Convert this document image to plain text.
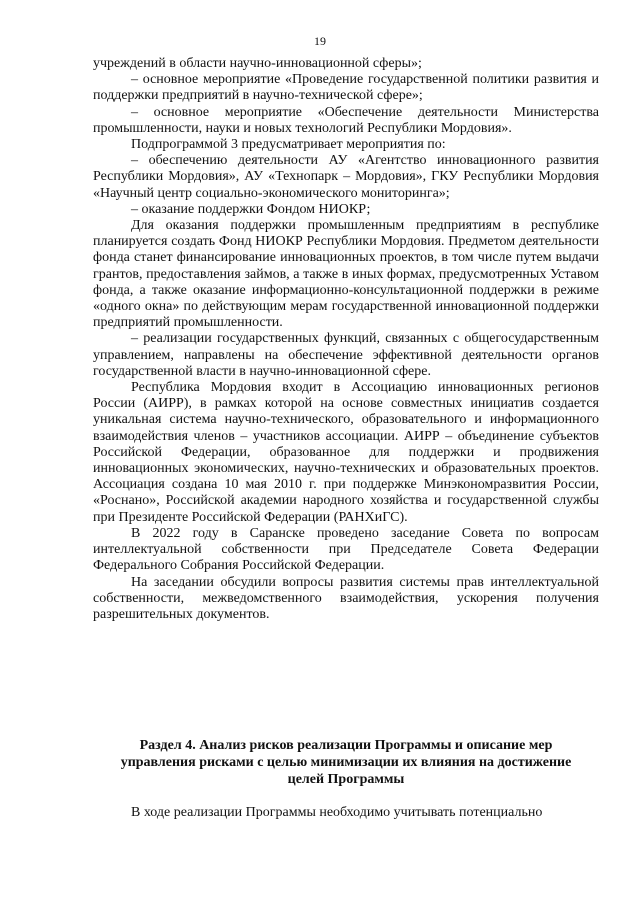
19

учреждений в области научно-инновационной сферы»;

– основное мероприятие «Проведение государственной политики развития и поддержки предприятий в научно-технической сфере»;

– основное мероприятие «Обеспечение деятельности Министерства промышленности, науки и новых технологий Республики Мордовия».

Подпрограммой 3 предусматривает мероприятия по:

– обеспечению деятельности АУ «Агентство инновационного развития Республики Мордовия», АУ «Технопарк – Мордовия», ГКУ Республики Мордовия «Научный центр социально-экономического мониторинга»;

– оказание поддержки Фондом НИОКР;

Для оказания поддержки промышленным предприятиям в республике планируется создать Фонд НИОКР Республики Мордовия. Предметом деятельности фонда станет финансирование инновационных проектов, в том числе путем выдачи грантов, предоставления займов, а также в иных формах, предусмотренных Уставом фонда, а также оказание информационно-консультационной поддержки в режиме «одного окна» по действующим мерам государственной инновационной поддержки предприятий промышленности.

– реализации государственных функций, связанных с общегосударственным управлением, направлены на обеспечение эффективной деятельности органов государственной власти в научно-инновационной сфере.

Республика Мордовия входит в Ассоциацию инновационных регионов России (АИРР), в рамках которой на основе совместных инициатив создается уникальная система научно-технического, образовательного и информационного взаимодействия членов – участников ассоциации. АИРР – объединение субъектов Российской Федерации, образованное для поддержки и продвижения инновационных экономических, научно-технических и образовательных проектов. Ассоциация создана 10 мая 2010 г. при поддержке Минэкономразвития России, «Роснано», Российской академии народного хозяйства и государственной службы при Президенте Российской Федерации (РАНХиГС).

В 2022 году в Саранске проведено заседание Совета по вопросам интеллектуальной собственности при Председателе Совета Федерации Федерального Собрания Российской Федерации.

На заседании обсудили вопросы развития системы прав интеллектуальной собственности, межведомственного взаимодействия, ускорения получения разрешительных документов.

Раздел 4. Анализ рисков реализации Программы и описание мер управления рисками с целью минимизации их влияния на достижение целей Программы

В ходе реализации Программы необходимо учитывать потенциально
